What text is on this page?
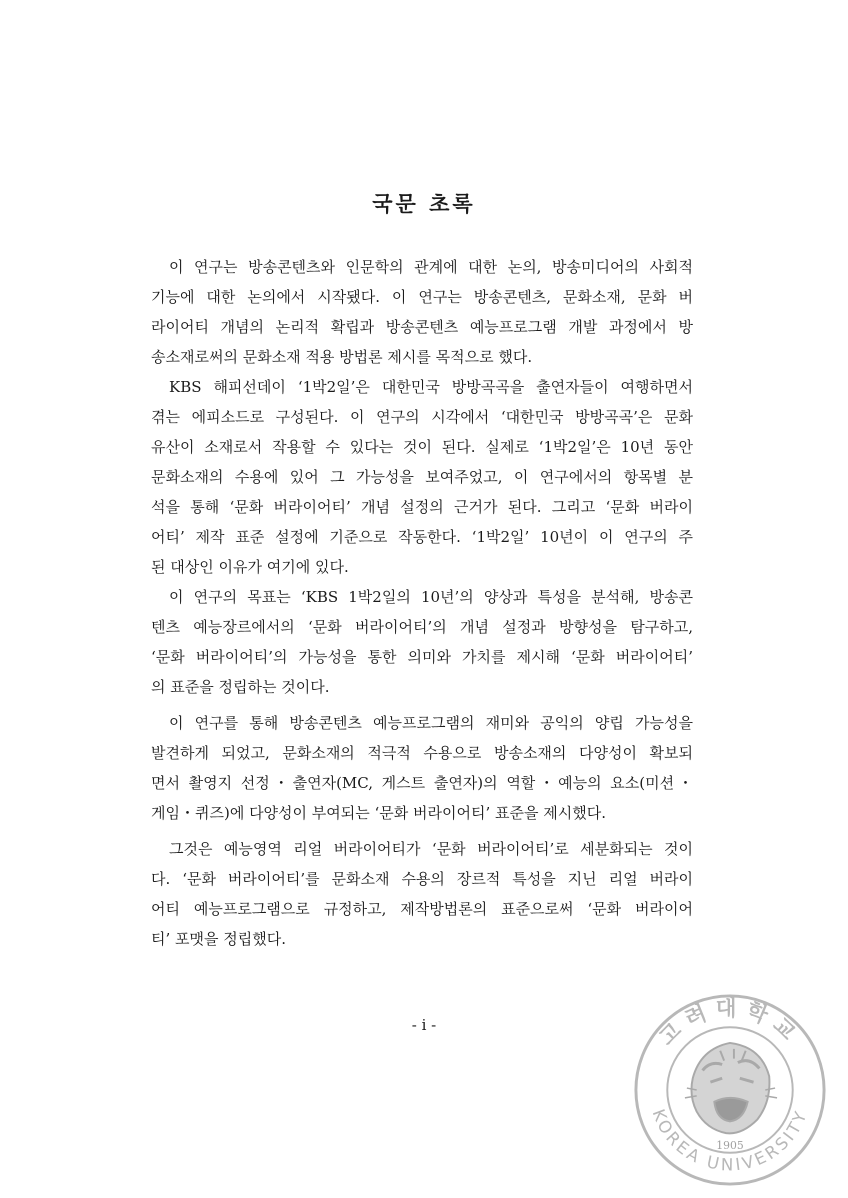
국문 초록
이 연구는 방송콘텐츠와 인문학의 관계에 대한 논의, 방송미디어의 사회적
기능에 대한 논의에서 시작됐다. 이 연구는 방송콘텐츠, 문화소재, 문화 버
라이어티 개념의 논리적 확립과 방송콘텐츠 예능프로그램 개발 과정에서 방
송소재로써의 문화소재 적용 방법론 제시를 목적으로 했다.
KBS 해피선데이 ‘1박2일’은 대한민국 방방곡곡을 출연자들이 여행하면서
겪는 에피소드로 구성된다. 이 연구의 시각에서 ‘대한민국 방방곡곡’은 문화
유산이 소재로서 작용할 수 있다는 것이 된다. 실제로 ‘1박2일’은 10년 동안
문화소재의 수용에 있어 그 가능성을 보여주었고, 이 연구에서의 항목별 분
석을 통해 ‘문화 버라이어티’ 개념 설정의 근거가 된다. 그리고 ‘문화 버라이
어티’ 제작 표준 설정에 기준으로 작동한다. ‘1박2일’ 10년이 이 연구의 주
된 대상인 이유가 여기에 있다.
이 연구의 목표는 ‘KBS 1박2일의 10년’의 양상과 특성을 분석해, 방송콘
텐츠 예능장르에서의 ‘문화 버라이어티’의 개념 설정과 방향성을 탐구하고,
‘문화 버라이어티’의 가능성을 통한 의미와 가치를 제시해 ‘문화 버라이어티’
의 표준을 정립하는 것이다.
이 연구를 통해 방송콘텐츠 예능프로그램의 재미와 공익의 양립 가능성을
발견하게 되었고, 문화소재의 적극적 수용으로 방송소재의 다양성이 확보되
면서 촬영지 선정・출연자(MC, 게스트 출연자)의 역할・예능의 요소(미션・
게임・퀴즈)에 다양성이 부여되는 ‘문화 버라이어티’ 표준을 제시했다.
그것은 예능영역 리얼 버라이어티가 ‘문화 버라이어티’로 세분화되는 것이
다. ‘문화 버라이어티’를 문화소재 수용의 장르적 특성을 지닌 리얼 버라이
어티 예능프로그램으로 규정하고, 제작방법론의 표준으로써 ‘문화 버라이어
티’ 포맷을 정립했다.
- i -	고려대학교
KOREA UNIVERSITY
1905
